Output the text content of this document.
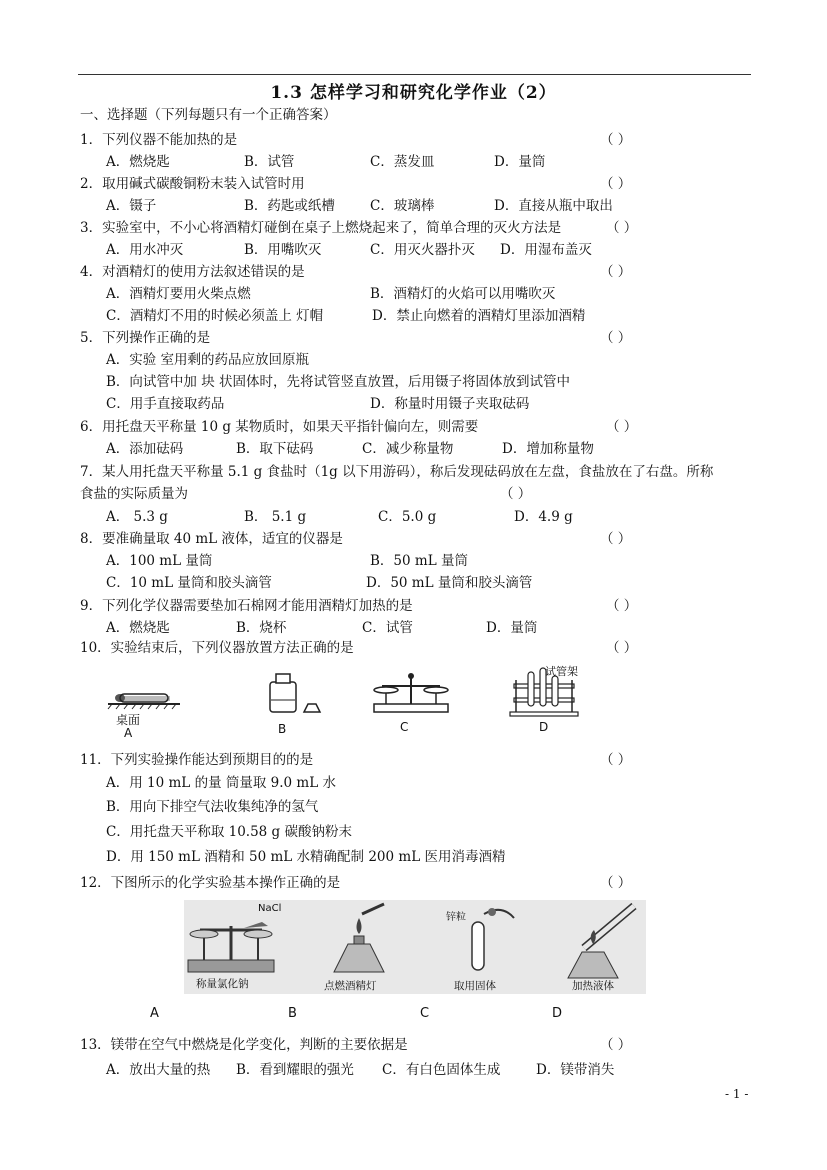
1.3 怎样学习和研究化学作业（2）
一、选择题（下列每题只有一个正确答案）
1．下列仪器不能加热的是
A．燃烧匙	B．试管	C．蒸发皿	D．量筒
2．取用碱式碳酸铜粉末装入试管时用
A．镊子	B．药匙或纸槽	C．玻璃棒	D．直接从瓶中取出
3．实验室中，不小心将酒精灯碰倒在桌子上燃烧起来了，简单合理的灭火方法是
A．用水冲灭	B．用嘴吹灭	C．用灭火器扑灭 D．用湿布盖灭
4．对酒精灯的使用方法叙述错误的是
A．酒精灯要用火柴点燃	B．酒精灯的火焰可以用嘴吹灭
C．酒精灯不用的时候必须盖上 灯帽	D．禁止向燃着的酒精灯里添加酒精
5．下列操作正确的是
A．实验 室用剩的药品应放回原瓶
B．向试管中加 块 状固体时，先将试管竖直放置，后用镊子将固体放到试管中
C．用手直接取药品	D．称量时用镊子夹取砝码
6．用托盘天平称量 10 g 某物质时，如果天平指针偏向左，则需要
A．添加砝码	B．取下砝码	C．减少称量物	D．增加称量物
7．某人用托盘天平称量 5.1 g 食盐时（1g 以下用游码），称后发现砝码放在左盘，食盐放在了右盘。所称
食盐的实际质量为
A． 5.3 g	B． 5.1 g	C．5.0 g	D．4.9 g
8．要准确量取 40 mL 液体，适宜的仪器是
A．100 mL 量筒	B．50 mL 量筒
C．10 mL 量筒和胶头滴管	D．50 mL 量筒和胶头滴管
9．下列化学仪器需要垫加石棉网才能用酒精灯加热的是
A．燃烧匙	B．烧杯	C．试管	D．量筒
10．实验结束后，下列仪器放置方法正确的是
11．下列实验操作能达到预期目的的是
A．用 10 mL 的量 筒量取 9.0 mL 水
B．用向下排空气法收集纯净的氢气
C．用托盘天平称取 10.58 g 碳酸钠粉末
D．用 150 mL 酒精和 50 mL 水精确配制 200 mL 医用消毒酒精
12．下图所示的化学实验基本操作正确的是
13．镁带在空气中燃烧是化学变化，判断的主要依据是
A．放出大量的热 B．看到耀眼的强光 C．有白色固体生成	D．镁带消失
（ ）
（ ）
（ ）
（ ）
（ ）
（ ）
（ ）
（ ）
（ ）
（ ）
（ ）
（ ）
（ ）
桌面
A	B	C	D
试管架
NaCl
锌粒
称量氯化钠	点燃酒精灯	取用固体	加热液体
A	B	C	D
- 1 -
